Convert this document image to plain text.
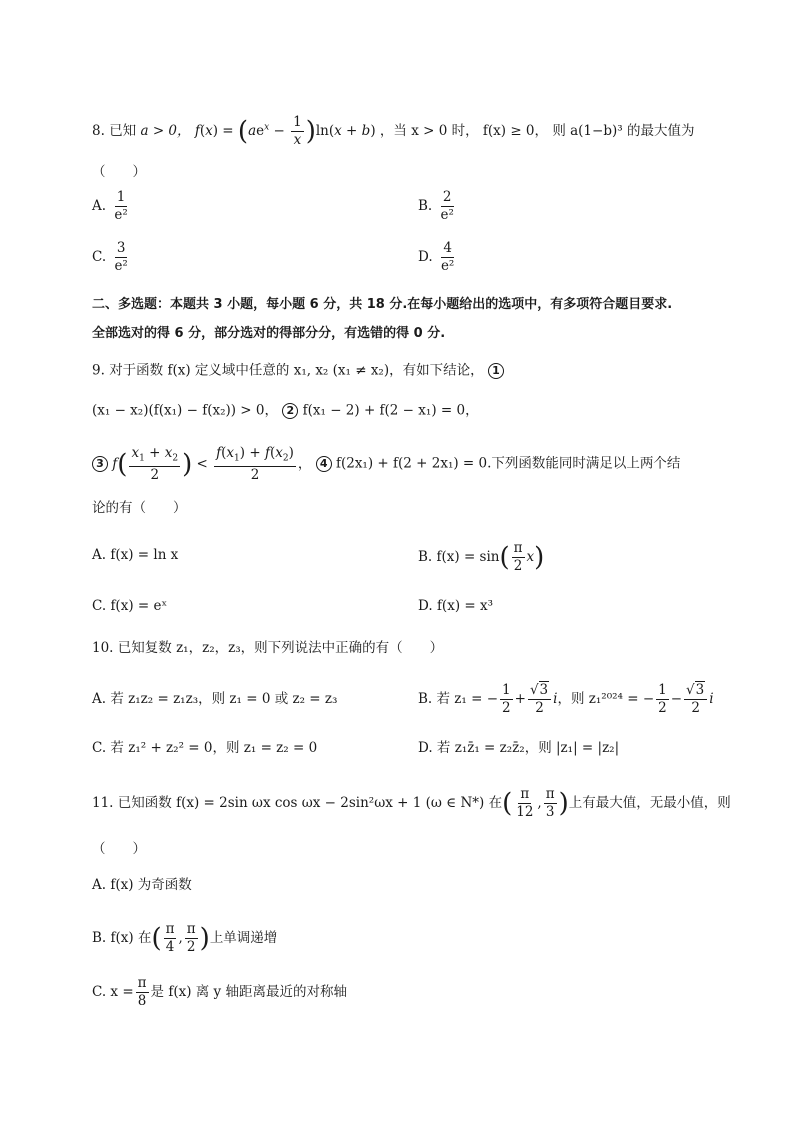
8. 已知 a > 0， $f(x) = (ae^x - \frac{1}{x} )\ln(x + b)$ ，当 x > 0 时， f(x) ≥ 0， 则 a(1−b)³ 的最大值为
（　　）
A. $\frac{1}{\text{e²}}$	B. $\frac{2}{\text{e²}}$
C. $\frac{3}{\text{e²}}$	D. $\frac{4}{\text{e²}}$
二、多选题：本题共 3 小题，每小题 6 分，共 18 分.在每小题给出的选项中，有多项符合题目要求.
全部选对的得 6 分，部分选对的得部分分，有选错的得 0 分.
9. 对于函数 f(x) 定义域中任意的 x₁, x₂ (x₁ ≠ x₂)，有如下结论， 1
(x₁ − x₂)(f(x₁) − f(x₂)) > 0， 2 f(x₁ − 2) + f(2 − x₁) = 0，
3 $f( \frac{x_1 + x_2}{2}$ ) < $\frac{f(x_1) + f(x_2)}{2}$ ， 4 f(2x₁) + f(2 + 2x₁) = 0.下列函数能同时满足以上两个结
论的有（　　）
A. f(x) = ln x	B. $f(x) = \sin( \frac{\pi}{2} x)$
C. f(x) = eˣ	D. f(x) = x³
10. 已知复数 z₁，z₂，z₃，则下列说法中正确的有（　　）
A. 若 z₁z₂ = z₁z₃，则 z₁ = 0 或 z₂ = z₃	B. 若 z₁ = − $\frac{1}{2} + \frac{√3}{2}$ i，则 z₁²⁰²⁴ = − $\frac{1}{2} - \frac{√3}{2}$ i
C. 若 z₁² + z₂² = 0，则 z₁ = z₂ = 0	D. 若 z₁z̄₁ = z₂z̄₂，则 |z₁| = |z₂|
11. 已知函数 f(x) = 2sin ωx cos ωx − 2sin²ωx + 1 (ω ∈ N*) 在( $\frac{\pi}{12}$ , $\frac{\pi}{3}$ )上有最大值，无最小值，则
（　　）
A. f(x) 为奇函数
B. f(x) 在( $\frac{\pi}{4}$ , $\frac{\pi}{2}$ )上单调递增
C. $x = \frac{\pi}{8}$ 是 f(x) 离 y 轴距离最近的对称轴
